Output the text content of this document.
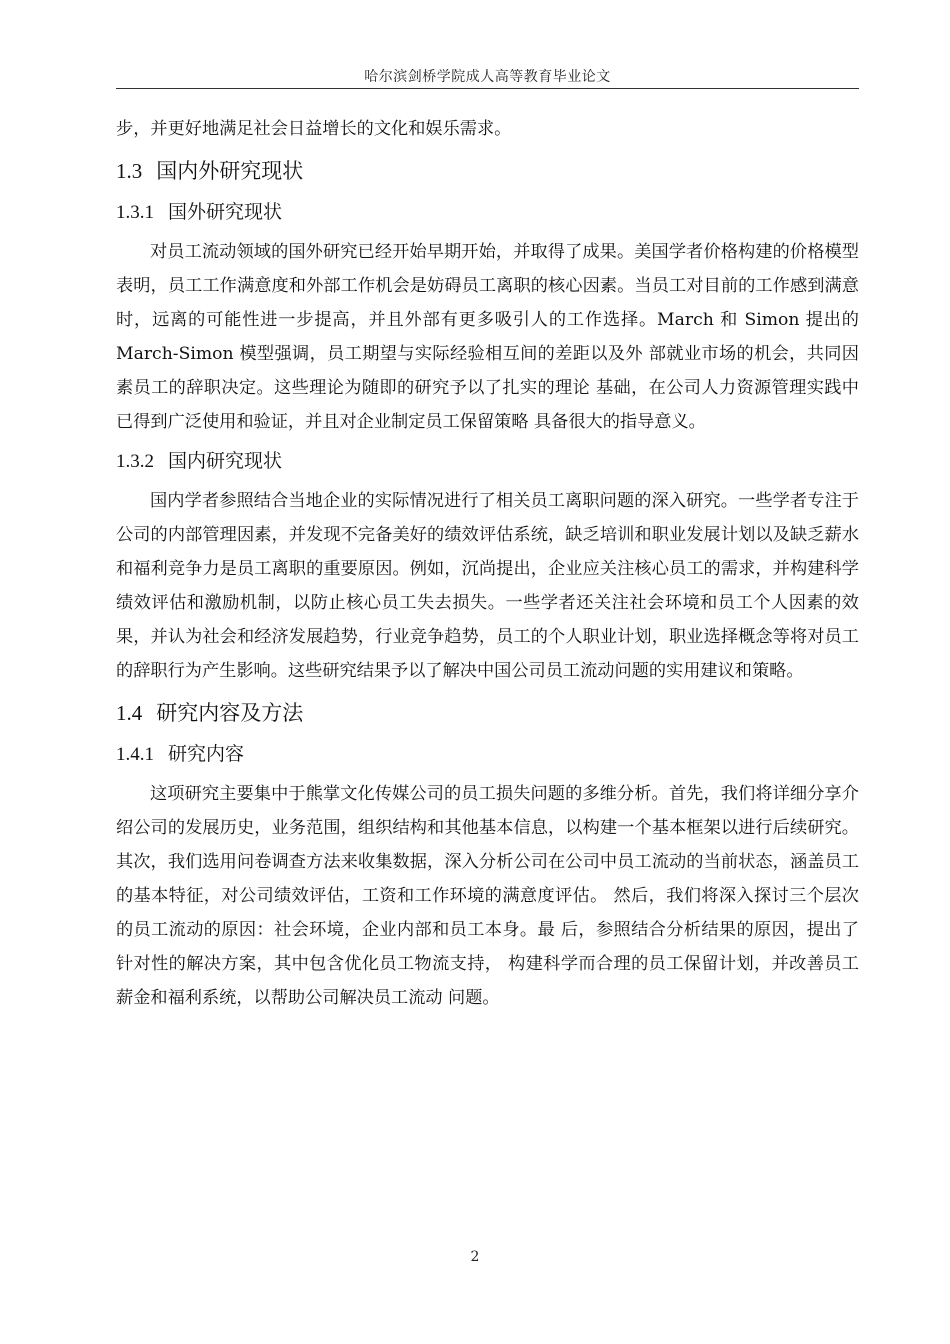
哈尔滨剑桥学院成人高等教育毕业论文

步，并更好地满足社会日益增长的文化和娱乐需求。

1.3 国内外研究现状
1.3.1 国外研究现状

对员工流动领域的国外研究已经开始早期开始，并取得了成果。美国学者价格构建的价格模型表明，员工工作满意度和外部工作机会是妨碍员工离职的核心因素。当员工对目前的工作感到满意时，远离的可能性进一步提高，并且外部有更多吸引人的工作选择。March 和 Simon 提出的 March-Simon 模型强调，员工期望与实际经验相互间的差距以及外 部就业市场的机会，共同因素员工的辞职决定。这些理论为随即的研究予以了扎实的理论 基础，在公司人力资源管理实践中已得到广泛使用和验证，并且对企业制定员工保留策略 具备很大的指导意义。

1.3.2 国内研究现状

国内学者参照结合当地企业的实际情况进行了相关员工离职问题的深入研究。一些学者专注于公司的内部管理因素，并发现不完备美好的绩效评估系统，缺乏培训和职业发展计划以及缺乏薪水和福利竞争力是员工离职的重要原因。例如，沉尚提出，企业应关注核心员工的需求，并构建科学绩效评估和激励机制，以防止核心员工失去损失。一些学者还关注社会环境和员工个人因素的效果，并认为社会和经济发展趋势，行业竞争趋势，员工的个人职业计划，职业选择概念等将对员工的辞职行为产生影响。这些研究结果予以了解决中国公司员工流动问题的实用建议和策略。

1.4 研究内容及方法
1.4.1 研究内容

这项研究主要集中于熊掌文化传媒公司的员工损失问题的多维分析。首先，我们将详细分享介绍公司的发展历史，业务范围，组织结构和其他基本信息，以构建一个基本框架以进行后续研究。其次，我们选用问卷调查方法来收集数据，深入分析公司在公司中员工流动的当前状态，涵盖员工的基本特征，对公司绩效评估，工资和工作环境的满意度评估。 然后，我们将深入探讨三个层次的员工流动的原因：社会环境，企业内部和员工本身。最 后，参照结合分析结果的原因，提出了针对性的解决方案，其中包含优化员工物流支持， 构建科学而合理的员工保留计划，并改善员工薪金和福利系统，以帮助公司解决员工流动 问题。

2
